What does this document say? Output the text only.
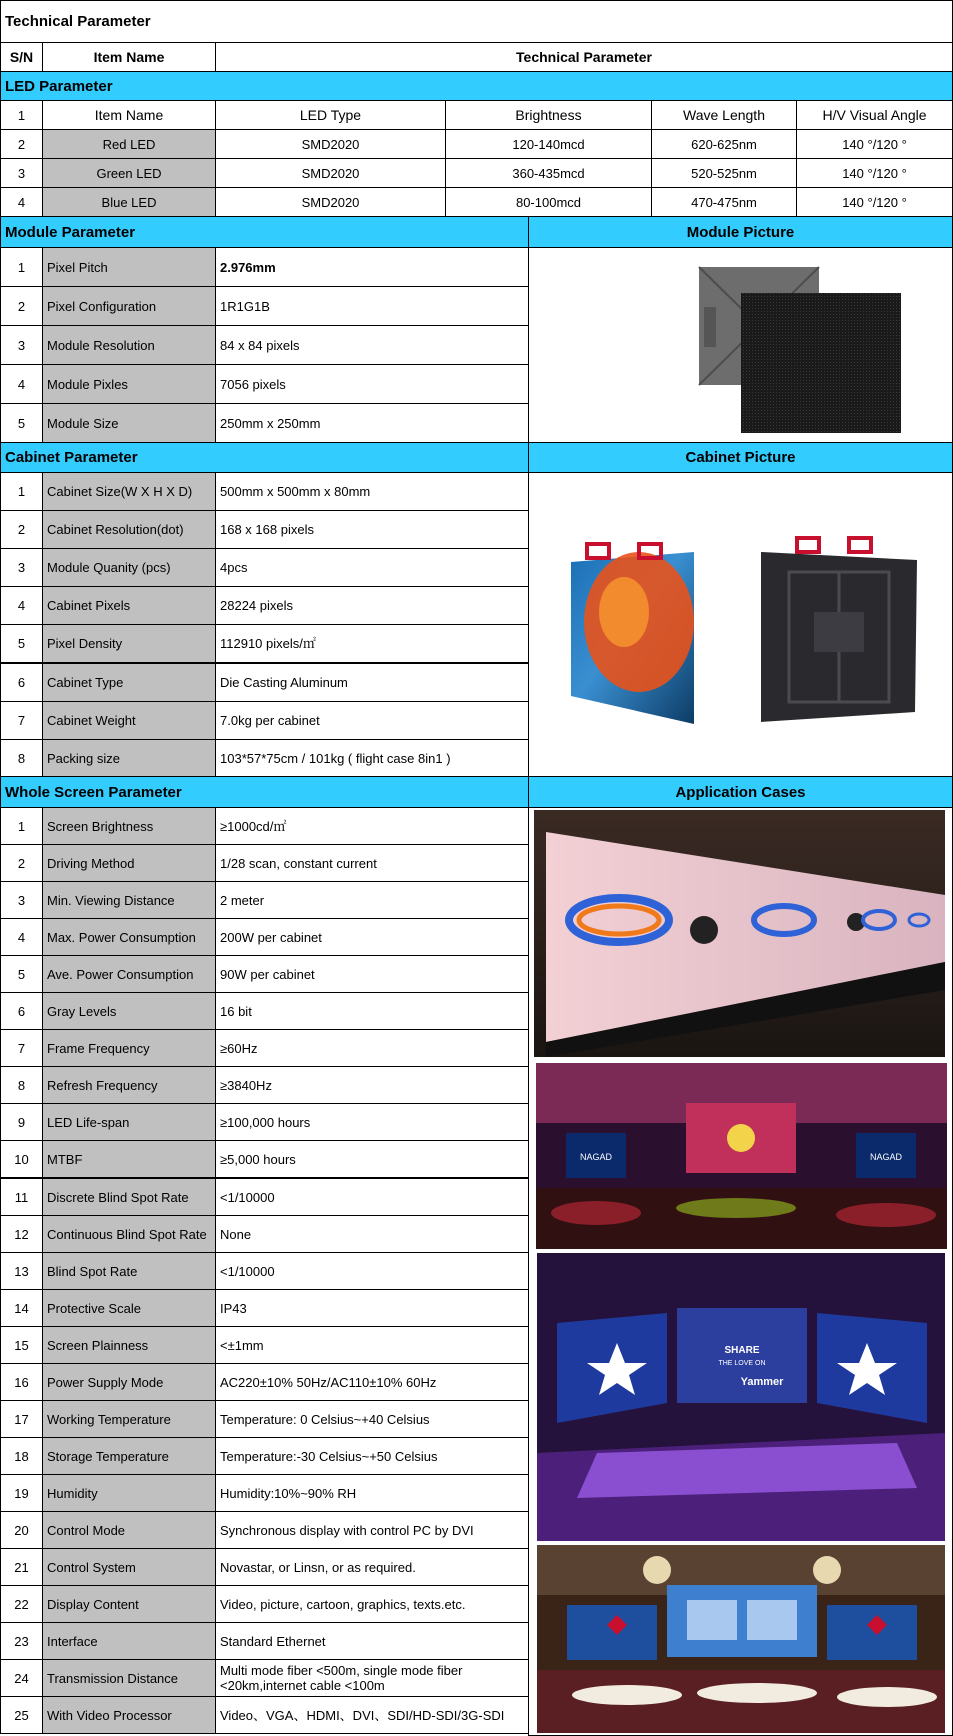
Technical Parameter
S/N	Item Name	Technical Parameter
LED Parameter
1	Item Name	LED Type	Brightness	Wave Length	H/V Visual Angle
2	Red LED	SMD2020	120-140mcd	620-625nm	140 °/120 °
3	Green LED	SMD2020	360-435mcd	520-525nm	140 °/120 °
4	Blue LED	SMD2020	80-100mcd	470-475nm	140 °/120 °
Module Parameter	Module Picture
1	Pixel Pitch	2.976mm
2	Pixel Configuration	1R1G1B
3	Module Resolution	84 x 84 pixels
4	Module Pixles	7056 pixels
5	Module Size	250mm x 250mm
Cabinet Parameter	Cabinet Picture
1	Cabinet Size(W X H X D)	500mm x 500mm x 80mm
2	Cabinet Resolution(dot)	168 x 168 pixels
3	Module Quanity (pcs)	4pcs
4	Cabinet Pixels	28224 pixels
5	Pixel Density	112910 pixels/㎡
6	Cabinet Type	Die Casting Aluminum
7	Cabinet Weight	7.0kg per cabinet
8	Packing size	103*57*75cm / 101kg ( flight case 8in1 )
Whole Screen Parameter	Application Cases
1	Screen Brightness	≥1000cd/㎡
2	Driving Method	1/28 scan, constant current
3	Min. Viewing Distance	2 meter
4	Max. Power Consumption	200W per cabinet
5	Ave. Power Consumption	90W per cabinet
6	Gray Levels	16 bit
7	Frame Frequency	≥60Hz
8	Refresh Frequency	≥3840Hz
9	LED Life-span	≥100,000 hours
10	MTBF	≥5,000 hours
11	Discrete Blind Spot Rate	<1/10000
12	Continuous Blind Spot Rate	None
13	Blind Spot Rate	<1/10000
14	Protective Scale	IP43
15	Screen Plainness	<±1mm
16	Power Supply Mode	AC220±10% 50Hz/AC110±10% 60Hz
17	Working Temperature	Temperature: 0 Celsius~+40 Celsius
18	Storage Temperature	Temperature:-30 Celsius~+50 Celsius
19	Humidity	Humidity:10%~90% RH
20	Control Mode	Synchronous display with control PC by DVI
21	Control System	Novastar, or Linsn, or as required.
22	Display Content	Video, picture, cartoon, graphics, texts.etc.
23	Interface	Standard Ethernet
24	Transmission Distance	Multi mode fiber <500m, single mode fiber <20km,internet cable <100m
25	With Video Processor	Video、VGA、HDMI、DVI、SDI/HD-SDI/3G-SDI
NAGAD	NAGAD
SHARE
THE LOVE ON
Yammer
